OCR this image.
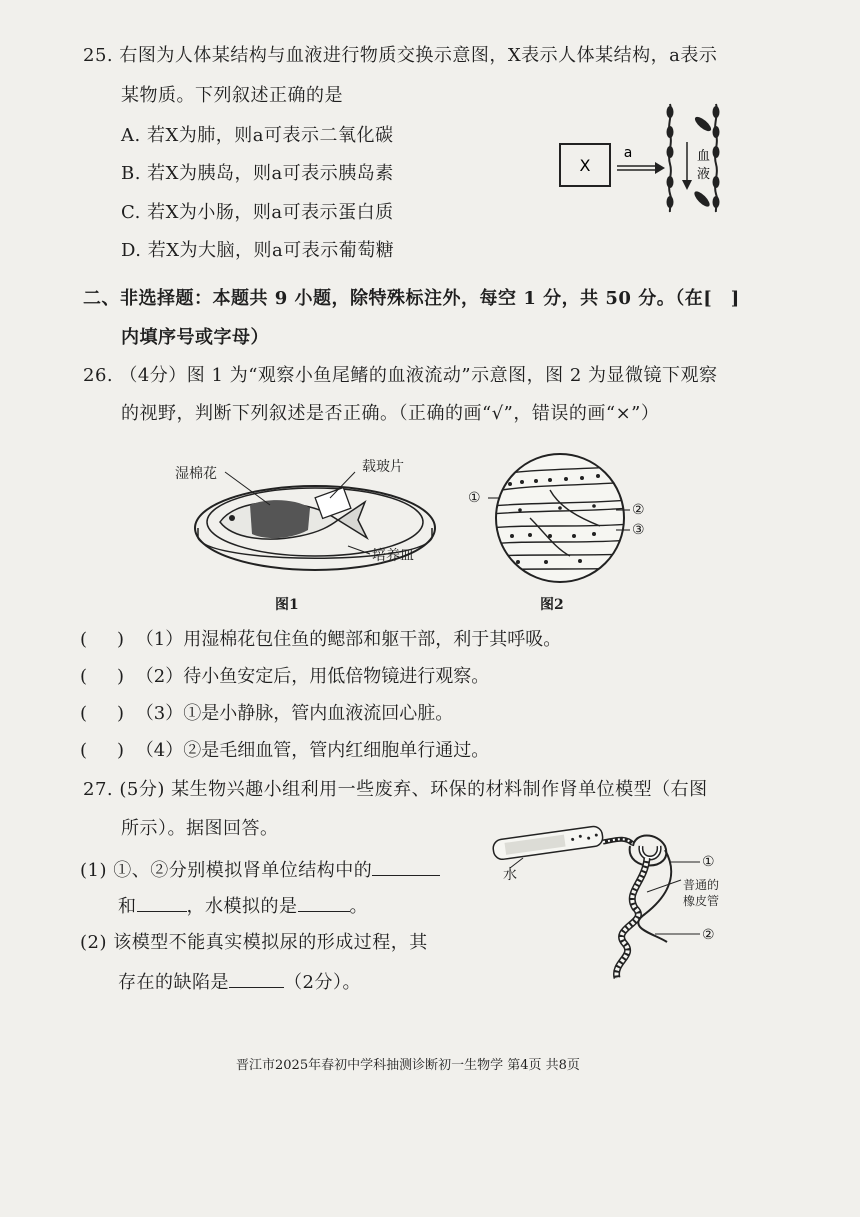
25. 右图为人体某结构与血液进行物质交换示意图，X表示人体某结构，a表示
某物质。下列叙述正确的是
A. 若X为肺，则a可表示二氧化碳
B. 若X为胰岛，则a可表示胰岛素
C. 若X为小肠，则a可表示蛋白质
D. 若X为大脑，则a可表示葡萄糖
X
a	血
液
二、非选择题：本题共 9 小题，除特殊标注外，每空 1 分，共 50 分。（在[　]
内填序号或字母）
26. （4分）图 1 为“观察小鱼尾鳍的血液流动”示意图，图 2 为显微镜下观察
的视野，判断下列叙述是否正确。（正确的画“√”，错误的画“×”）
湿棉花	载玻片
培养皿
图1
①
②
③
图2
( ) （1）用湿棉花包住鱼的鳃部和躯干部，利于其呼吸。
( ) （2）待小鱼安定后，用低倍物镜进行观察。
( ) （3）①是小静脉，管内血液流回心脏。
( ) （4）②是毛细血管，管内红细胞单行通过。
27. (5分) 某生物兴趣小组利用一些废弃、环保的材料制作肾单位模型（右图
所示）。据图回答。
(1) ①、②分别模拟肾单位结构中的
和	，水模拟的是	。
(2) 该模型不能真实模拟尿的形成过程，其
存在的缺陷是	（2分）。
水
①
普通的
橡皮管
②
晋江市2025年春初中学科抽测诊断初一生物学 第4页 共8页
